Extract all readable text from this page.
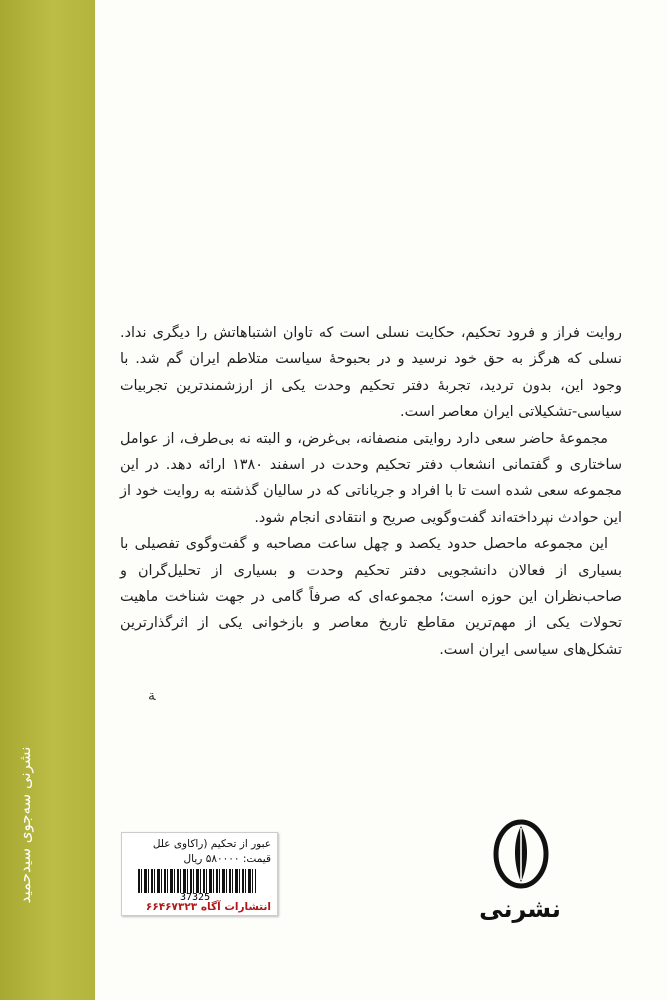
نشرنی سه‌جوی سیدحمید

روایت فراز و فرود تحکیم، حکایت نسلی است که تاوان اشتباهاتش را دیگری نداد. نسلی که هرگز به حق خود نرسید و در بحبوحهٔ سیاست متلاطم ایران گم شد. با وجود این، بدون تردید، تجربهٔ دفتر تحکیم وحدت یکی از ارزشمندترین تجربیات سیاسی-تشکیلاتی ایران معاصر است.

مجموعهٔ حاضر سعی دارد روایتی منصفانه، بی‌غرض، و البته نه بی‌طرف، از عوامل ساختاری و گفتمانی انشعاب دفتر تحکیم وحدت در اسفند ۱۳۸۰ ارائه دهد. در این مجموعه سعی شده است تا با افراد و جریاناتی که در سالیان گذشته به روایت خود از این حوادث نپرداخته‌اند گفت‌وگویی صریح و انتقادی انجام شود.

این مجموعه ماحصل حدود یکصد و چهل ساعت مصاحبه و گفت‌وگوی تفصیلی با بسیاری از فعالان دانشجویی دفتر تحکیم وحدت و بسیاری از تحلیل‌گران و صاحب‌نظران این حوزه است؛ مجموعه‌ای که صرفاً گامی در جهت شناخت ماهیت تحولات یکی از مهم‌ترین مقاطع تاریخ معاصر و بازخوانی یکی از اثرگذارترین تشکل‌های سیاسی ایران است.

ﺔ
عبور از تحکیم (راکاوی علل
قیمت: ۵۸۰۰۰۰ ریال
37325
انتشارات آگاه ۶۶۴۶۷۳۲۳	نشرنی
